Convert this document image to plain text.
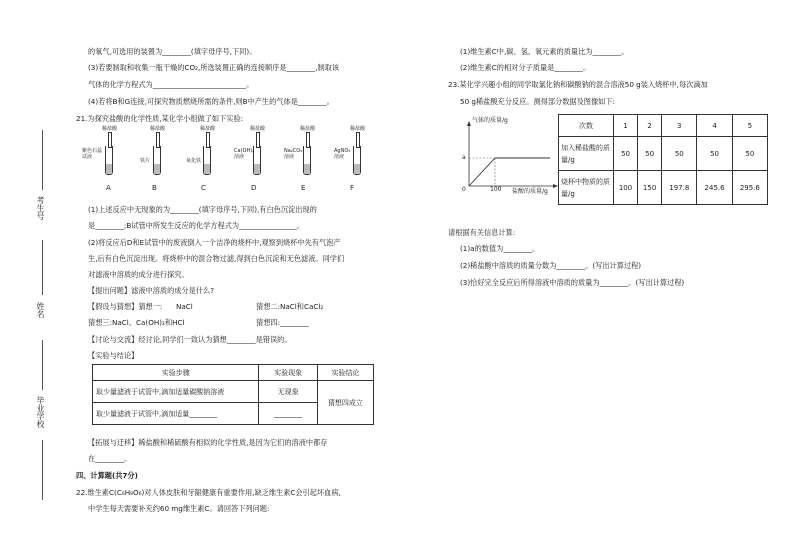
考生号
姓名
毕业学校
的氧气,可选用的装置为________(填字母序号,下同)。
(3)若要制取和收集一瓶干燥的CO₂,所选装置正确的连接顺序是________,制取该
气体的化学方程式为__________________________。
(4)若将B和G连接,可探究物质燃烧所需的条件,则B中产生的气体是________。
21.为探究盐酸的化学性质,某化学小组做了如下实验:
稀盐酸
紫色石蕊试液
稀盐酸
铁片
稀盐酸
氧化铁
稀盐酸
Ca(OH)₂溶液
稀盐酸
Na₂CO₃溶液
稀盐酸
AgNO₃溶液
A	B	C	D	E	F
(1)上述反应中无现象的为________(填字母序号,下同),有白色沉淀出现的
是________;B试管中所发生反应的化学方程式为________________。
(2)将反应后D和E试管中的废液倒入一个洁净的烧杯中,观察到烧杯中先有气泡产
生,后有白色沉淀出现。将烧杯中的混合物过滤,得到白色沉淀和无色滤液。同学们
对滤液中溶质的成分进行探究。
【提出问题】滤液中溶质的成分是什么?
【假设与猜想】猜想一: NaCl	猜想二:NaCl和CaCl₂
猜想三:NaCl、Ca(OH)₂和HCl	猜想四:________
【讨论与交流】经讨论,同学们一致认为猜想________是错误的。
【实验与结论】
实验步骤	实验现象	实验结论
取少量滤液于试管中,滴加适量碳酸钠溶液	无现象	猜想四成立
取少量滤液于试管中,滴加适量________	________	
【拓展与迁移】稀盐酸和稀硫酸有相似的化学性质,是因为它们的溶液中都存
在________。
四、计算题(共7分)
22.维生素C(C₆H₈O₆)对人体皮肤和牙龈健康有重要作用,缺乏维生素C会引起坏血病,
中学生每天需要补充约60 mg维生素C。请回答下列问题:
(1)维生素C中,碳、氢、氧元素的质量比为________。
(2)维生素C的相对分子质量是________。
23.某化学兴趣小组的同学取氯化钠和碳酸钠的混合溶液50 g装入烧杯中,每次滴加
50 g稀盐酸充分反应。测得部分数据及图像如下:
气体的质量/g
盐酸的质量/g
0
a
100
次数	1	2	3	4	5
加入稀盐酸的质量/g	50	50	50	50	50
烧杯中物质的质量/g	100	150	197.8	245.6	295.6
请根据有关信息计算:
(1)a的数值为________。
(2)稀盐酸中溶质的质量分数为________。(写出计算过程)
(3)恰好完全反应后所得溶液中溶质的质量为________。(写出计算过程)
